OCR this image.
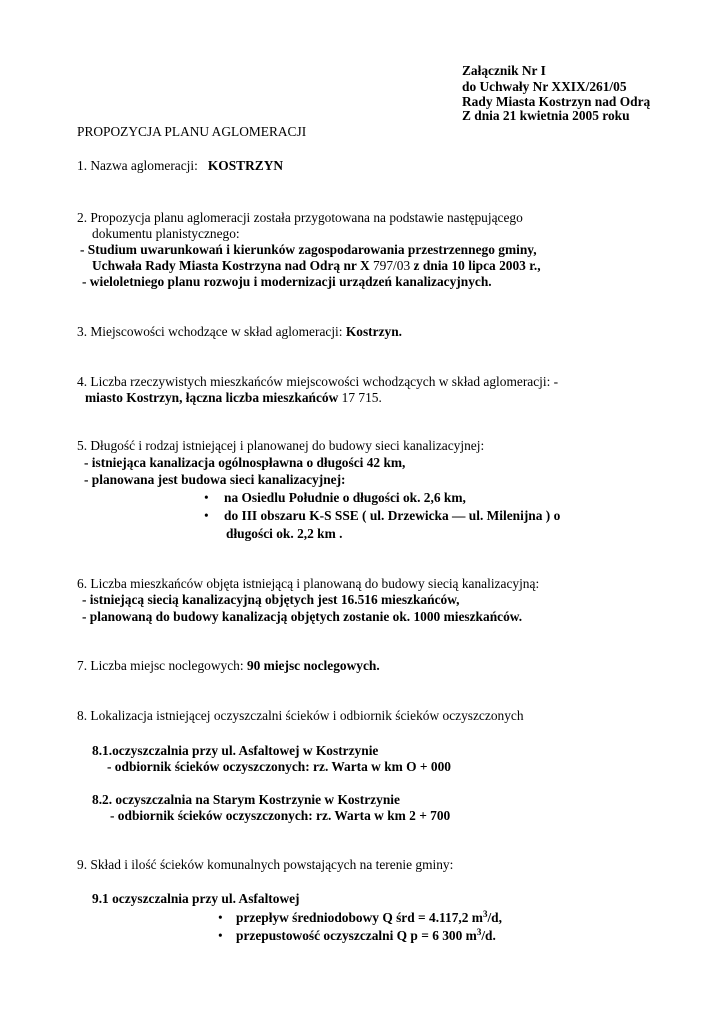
Załącznik Nr I
do Uchwały Nr XXIX/261/05
Rady Miasta Kostrzyn nad Odrą
Z dnia 21 kwietnia 2005 roku
PROPOZYCJA PLANU AGLOMERACJI
1. Nazwa aglomeracji: KOSTRZYN
2. Propozycja planu aglomeracji została przygotowana na podstawie następującego
dokumentu planistycznego:
- Studium uwarunkowań i kierunków zagospodarowania przestrzennego gminy,
Uchwała Rady Miasta Kostrzyna nad Odrą nr X 797/03 z dnia 10 lipca 2003 r.,
- wieloletniego planu rozwoju i modernizacji urządzeń kanalizacyjnych.
3. Miejscowości wchodzące w skład aglomeracji: Kostrzyn.
4. Liczba rzeczywistych mieszkańców miejscowości wchodzących w skład aglomeracji: -
miasto Kostrzyn, łączna liczba mieszkańców 17 715.
5. Długość i rodzaj istniejącej i planowanej do budowy sieci kanalizacyjnej:
- istniejąca kanalizacja ogólnospławna o długości 42 km,
- planowana jest budowa sieci kanalizacyjnej:
• na Osiedlu Południe o długości ok. 2,6 km,
• do III obszaru K-S SSE ( ul. Drzewicka — ul. Milenijna ) o
długości ok. 2,2 km .
6. Liczba mieszkańców objęta istniejącą i planowaną do budowy siecią kanalizacyjną:
- istniejącą siecią kanalizacyjną objętych jest 16.516 mieszkańców,
- planowaną do budowy kanalizacją objętych zostanie ok. 1000 mieszkańców.
7. Liczba miejsc noclegowych: 90 miejsc noclegowych.
8. Lokalizacja istniejącej oczyszczalni ścieków i odbiornik ścieków oczyszczonych
8.1.oczyszczalnia przy ul. Asfaltowej w Kostrzynie
- odbiornik ścieków oczyszczonych: rz. Warta w km O + 000
8.2. oczyszczalnia na Starym Kostrzynie w Kostrzynie
- odbiornik ścieków oczyszczonych: rz. Warta w km 2 + 700
9. Skład i ilość ścieków komunalnych powstających na terenie gminy:
9.1 oczyszczalnia przy ul. Asfaltowej
• przepływ średniodobowy Q śrd = 4.117,2 $m^3/d$,
• przepustowość oczyszczalni Q p = 6 300 $m^3/d$.
